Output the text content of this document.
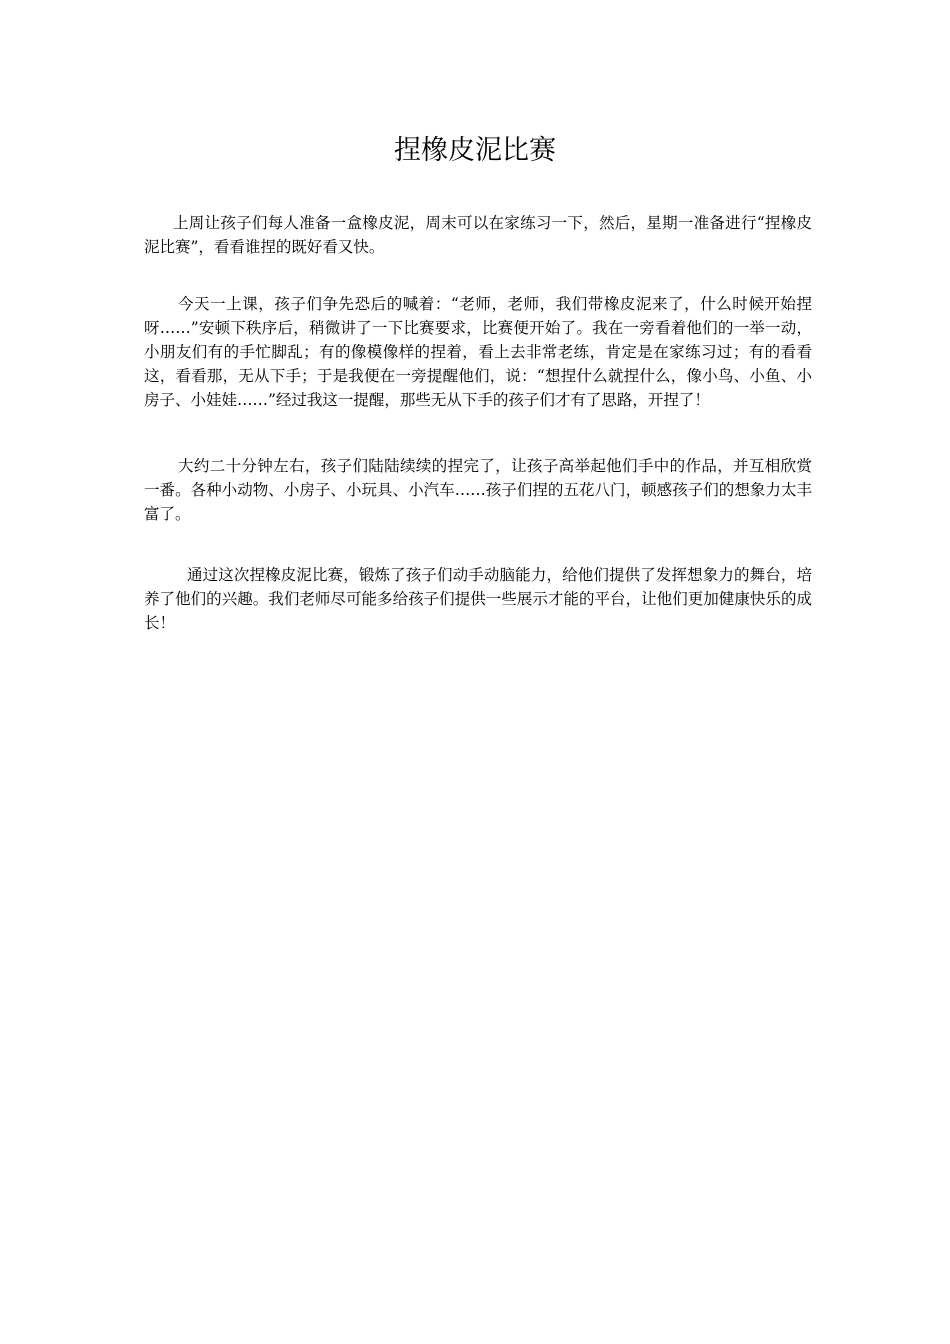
捏橡皮泥比赛

上周让孩子们每人准备一盒橡皮泥，周末可以在家练习一下，然后，星期一准备进行“捏橡皮泥比赛”，看看谁捏的既好看又快。

今天一上课，孩子们争先恐后的喊着：“老师，老师，我们带橡皮泥来了，什么时候开始捏呀……”安顿下秩序后，稍微讲了一下比赛要求，比赛便开始了。我在一旁看着他们的一举一动，小朋友们有的手忙脚乱；有的像模像样的捏着，看上去非常老练，肯定是在家练习过；有的看看这，看看那，无从下手；于是我便在一旁提醒他们，说：“想捏什么就捏什么，像小鸟、小鱼、小房子、小娃娃……”经过我这一提醒，那些无从下手的孩子们才有了思路，开捏了！

大约二十分钟左右，孩子们陆陆续续的捏完了，让孩子高举起他们手中的作品，并互相欣赏一番。各种小动物、小房子、小玩具、小汽车……孩子们捏的五花八门，顿感孩子们的想象力太丰富了。

通过这次捏橡皮泥比赛，锻炼了孩子们动手动脑能力，给他们提供了发挥想象力的舞台，培养了他们的兴趣。我们老师尽可能多给孩子们提供一些展示才能的平台，让他们更加健康快乐的成长！
